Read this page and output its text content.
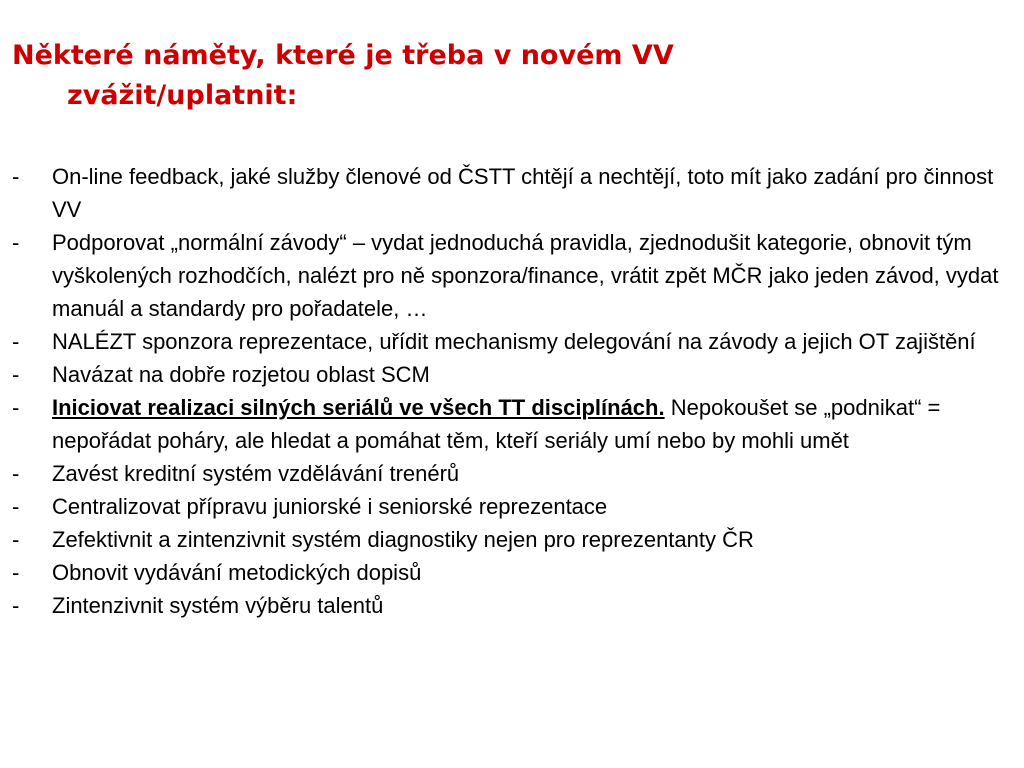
Některé náměty, které je třeba v novém VV
zvážit/uplatnit:
- On-line feedback, jaké služby členové od ČSTT chtějí a nechtějí, toto mít jako zadání pro činnost VV
- Podporovat „normální závody“ – vydat jednoduchá pravidla, zjednodušit kategorie, obnovit tým vyškolených rozhodčích, nalézt pro ně sponzora/finance, vrátit zpět MČR jako jeden závod, vydat manuál a standardy pro pořadatele, …
- NALÉZT sponzora reprezentace, uřídit mechanismy delegování na závody a jejich OT zajištění
- Navázat na dobře rozjetou oblast SCM
- Iniciovat realizaci silných seriálů ve všech TT disciplínách. Nepokoušet se „podnikat“ = nepořádat poháry, ale hledat a pomáhat těm, kteří seriály umí nebo by mohli umět
- Zavést kreditní systém vzdělávání trenérů
- Centralizovat přípravu juniorské i seniorské reprezentace
- Zefektivnit a zintenzivnit systém diagnostiky nejen pro reprezentanty ČR
- Obnovit vydávání metodických dopisů
- Zintenzivnit systém výběru talentů
